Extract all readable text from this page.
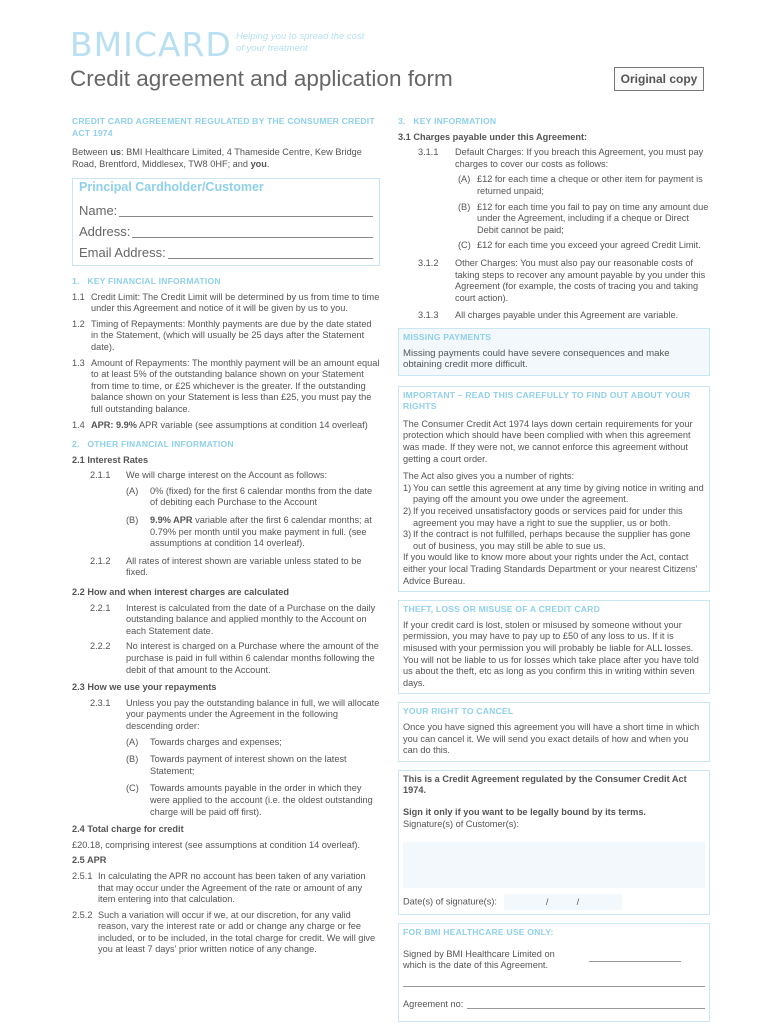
BMICARD Helping you to spread the cost of your treatment
Credit agreement and application form	Original copy

CREDIT CARD AGREEMENT REGULATED BY THE CONSUMER CREDIT ACT 1974

Between us: BMI Healthcare Limited, 4 Thameside Centre, Kew Bridge Road, Brentford, Middlesex, TW8 0HF; and you.

Principal Cardholder/Customer
Name:
Address:
Email Address:

1. KEY FINANCIAL INFORMATION

1.1 Credit Limit: The Credit Limit will be determined by us from time to time under this Agreement and notice of it will be given by us to you.
1.2 Timing of Repayments: Monthly payments are due by the date stated in the Statement, (which will usually be 25 days after the Statement date).
1.3 Amount of Repayments: The monthly payment will be an amount equal to at least 5% of the outstanding balance shown on your Statement from time to time, or £25 whichever is the greater. If the outstanding balance shown on your Statement is less than £25, you must pay the full outstanding balance.
1.4 APR: 9.9% APR variable (see assumptions at condition 14 overleaf)

2. OTHER FINANCIAL INFORMATION

2.1 Interest Rates

2.1.1	We will charge interest on the Account as follows:
(A)	0% (fixed) for the first 6 calendar months from the date of debiting each Purchase to the Account
(B)	9.9% APR variable after the first 6 calendar months; at 0.79% per month until you make payment in full. (see assumptions at condition 14 overleaf).
2.1.2	All rates of interest shown are variable unless stated to be fixed.

2.2 How and when interest charges are calculated

2.2.1	Interest is calculated from the date of a Purchase on the daily outstanding balance and applied monthly to the Account on each Statement date.
2.2.2	No interest is charged on a Purchase where the amount of the purchase is paid in full within 6 calendar months following the debit of that amount to the Account.

2.3 How we use your repayments

2.3.1	Unless you pay the outstanding balance in full, we will allocate your payments under the Agreement in the following descending order:
(A)	Towards charges and expenses;
(B)	Towards payment of interest shown on the latest Statement;
(C)	Towards amounts payable in the order in which they were applied to the account (i.e. the oldest outstanding charge will be paid off first).

2.4 Total charge for credit

£20.18, comprising interest (see assumptions at condition 14 overleaf).

2.5 APR

2.5.1 In calculating the APR no account has been taken of any variation that may occur under the Agreement of the rate or amount of any item entering into that calculation.
2.5.2 Such a variation will occur if we, at our discretion, for any valid reason, vary the interest rate or add or change any charge or fee included, or to be included, in the total charge for credit. We will give you at least 7 days' prior written notice of any change.

3. KEY INFORMATION

3.1 Charges payable under this Agreement:

3.1.1	Default Charges: If you breach this Agreement, you must pay charges to cover our costs as follows:
(A) £12 for each time a cheque or other item for payment is returned unpaid;
(B) £12 for each time you fail to pay on time any amount due under the Agreement, including if a cheque or Direct Debit cannot be paid;
(C) £12 for each time you exceed your agreed Credit Limit.
3.1.2	Other Charges: You must also pay our reasonable costs of taking steps to recover any amount payable by you under this Agreement (for example, the costs of tracing you and taking court action).
3.1.3	All charges payable under this Agreement are variable.

MISSING PAYMENTS

Missing payments could have severe consequences and make obtaining credit more difficult.

IMPORTANT – READ THIS CAREFULLY TO FIND OUT ABOUT YOUR RIGHTS

The Consumer Credit Act 1974 lays down certain requirements for your protection which should have been complied with when this agreement was made. If they were not, we cannot enforce this agreement without getting a court order.

The Act also gives you a number of rights:

1) You can settle this agreement at any time by giving notice in writing and paying off the amount you owe under the agreement.
2) If you received unsatisfactory goods or services paid for under this agreement you may have a right to sue the supplier, us or both.
3) If the contract is not fulfilled, perhaps because the supplier has gone out of business, you may still be able to sue us.

If you would like to know more about your rights under the Act, contact either your local Trading Standards Department or your nearest Citizens' Advice Bureau.

THEFT, LOSS OR MISUSE OF A CREDIT CARD

If your credit card is lost, stolen or misused by someone without your permission, you may have to pay up to £50 of any loss to us. If it is misused with your permission you will probably be liable for ALL losses. You will not be liable to us for losses which take place after you have told us about the theft, etc as long as you confirm this in writing within seven days.

YOUR RIGHT TO CANCEL

Once you have signed this agreement you will have a short time in which you can cancel it. We will send you exact details of how and when you can do this.

This is a Credit Agreement regulated by the Consumer Credit Act 1974.

Sign it only if you want to be legally bound by its terms.

Signature(s) of Customer(s):

Date(s) of signature(s):	/	/

FOR BMI HEALTHCARE USE ONLY:

Signed by BMI Healthcare Limited on which is the date of this Agreement.
Agreement no:
